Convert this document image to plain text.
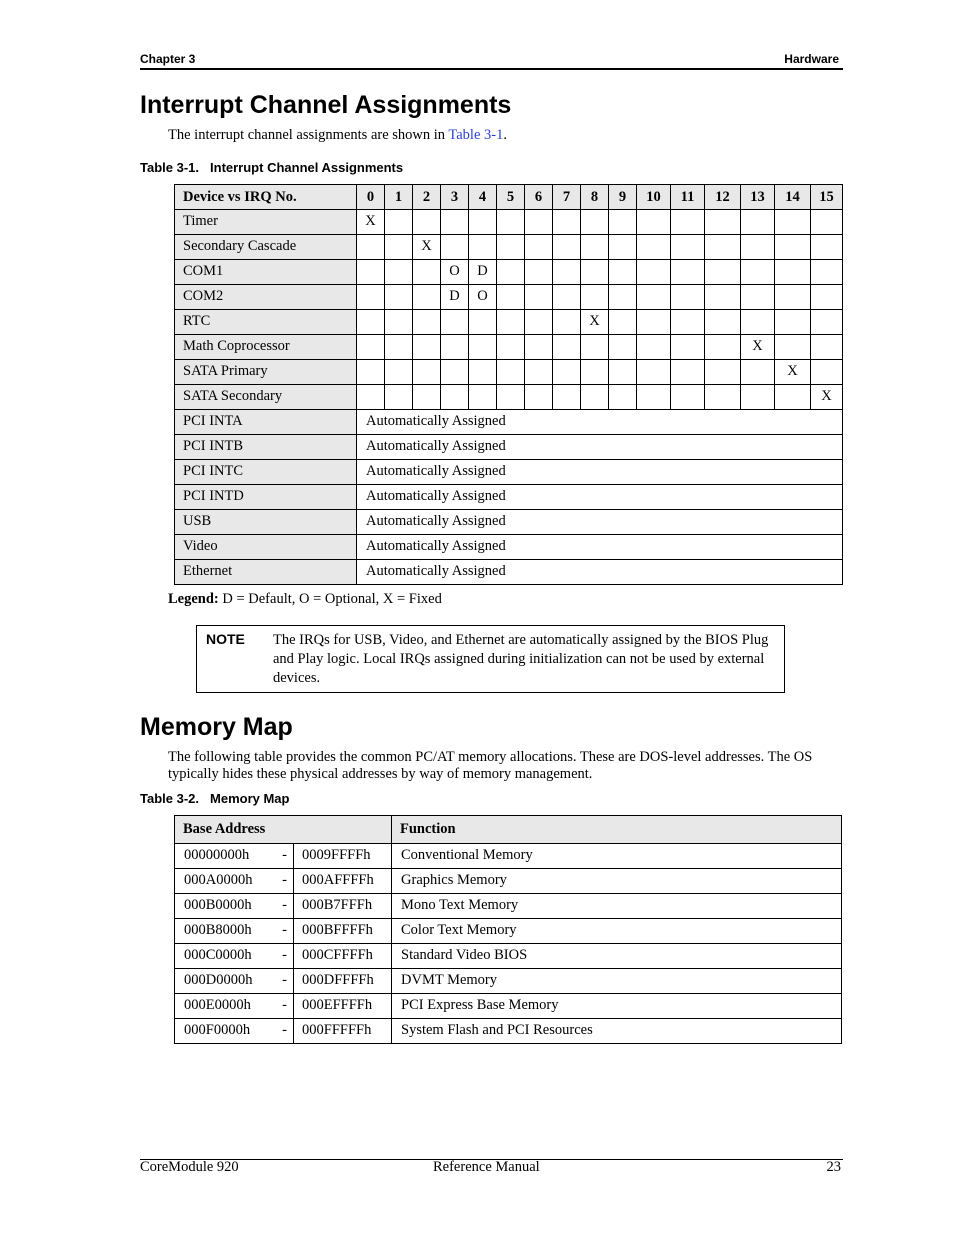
Chapter 3	Hardware
Interrupt Channel Assignments

The interrupt channel assignments are shown in Table 3-1.

Table 3-1. Interrupt Channel Assignments
Device vs IRQ No.	0	1	2	3	4	5	6	7	8	9	10	11	12	13	14	15
Timer	X															
Secondary Cascade			X													
COM1				O	D											
COM2				D	O											
RTC									X							
Math Coprocessor														X		
SATA Primary															X	
SATA Secondary																X
PCI INTA	Automatically Assigned															
PCI INTB	Automatically Assigned															
PCI INTC	Automatically Assigned															
PCI INTD	Automatically Assigned															
USB	Automatically Assigned															
Video	Automatically Assigned															
Ethernet	Automatically Assigned															
Legend: D = Default, O = Optional, X = Fixed
NOTE The IRQs for USB, Video, and Ethernet are automatically assigned by the BIOS Plug and Play logic. Local IRQs assigned during initialization can not be used by external devices.
Memory Map

The following table provides the common PC/AT memory allocations. These are DOS-level addresses. The OS typically hides these physical addresses by way of memory management.

Table 3-2. Memory Map
Base Address		Function

00000000h -	0009FFFFh	Conventional Memory

000A0000h -	000AFFFFh	Graphics Memory

000B0000h -	000B7FFFh	Mono Text Memory

000B8000h -	000BFFFFh	Color Text Memory

000C0000h -	000CFFFFh	Standard Video BIOS

000D0000h -	000DFFFFh	DVMT Memory

000E0000h -	000EFFFFh	PCI Express Base Memory

000F0000h -	000FFFFFh	System Flash and PCI Resources
CoreModule 920	Reference Manual	23
